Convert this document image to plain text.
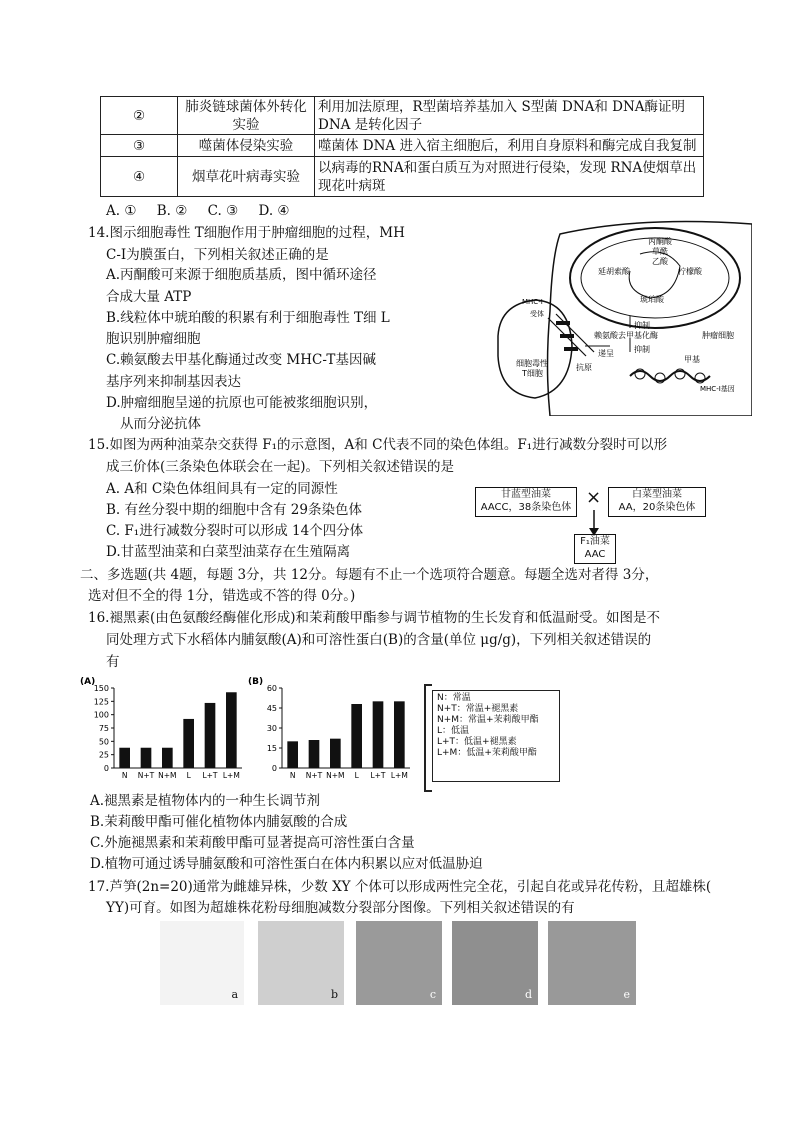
②	肺炎链球菌体外转化实验	利用加法原理，R型菌培养基加入 S型菌 DNA和 DNA酶证明 DNA 是转化因子
③	噬菌体侵染实验	噬菌体 DNA 进入宿主细胞后，利用自身原料和酶完成自我复制
④	烟草花叶病毒实验	以病毒的RNA和蛋白质互为对照进行侵染，发现 RNA使烟草出现花叶病斑
A. ① B. ② C. ③ D. ④
14.图示细胞毒性 T细胞作用于肿瘤细胞的过程，MH
C-I为膜蛋白，下列相关叙述正确的是
A.丙酮酸可来源于细胞质基质，图中循环途径
合成大量 ATP
B.线粒体中琥珀酸的积累有利于细胞毒性 T细 L
胞识别肿瘤细胞
C.赖氨酸去甲基化酶通过改变 MHC-T基因碱
基序列来抑制基因表达
D.肿瘤细胞呈递的抗原也可能被浆细胞识别，
从而分泌抗体
丙酮酸
草酰
乙酸
延胡索酸	柠檬酸
琥珀酸
MHC-I
受体
抑制
赖氨酸去甲基化酶	肿瘤细胞
抑制
抗原
细胞毒性
T细胞
甲基
MHC-I基因
递呈
15.如图为两种油菜杂交获得 F₁的示意图，A和 C代表不同的染色体组。F₁进行减数分裂时可以形
成三价体(三条染色体联会在一起)。下列相关叙述错误的是
A. A和 C染色体组间具有一定的同源性
B. 有丝分裂中期的细胞中含有 29条染色体
C. F₁进行减数分裂时可以形成 14个四分体
D.甘蓝型油菜和白菜型油菜存在生殖隔离
甘蓝型油菜
AACC，38条染色体 ×	白菜型油菜
AA，20条染色体
F₁油菜
AAC
二、多选题(共 4题，每题 3分，共 12分。每题有不止一个选项符合题意。每题全选对者得 3分，
选对但不全的得 1分，错选或不答的得 0分。)
16.褪黑素(由色氨酸经酶催化形成)和茉莉酸甲酯参与调节植物的生长发育和低温耐受。如图是不
同处理方式下水稻体内脯氨酸(A)和可溶性蛋白(B)的含量(单位 μg/g)，下列相关叙述错误的
有
(A)
0
25
50
75
100
125
150
N N+T N+M L L+T L+M
(B)
0
15
30
45
60
N N+T N+M L L+T L+M
N：常温
N+T：常温+褪黑素
N+M：常温+茉莉酸甲酯
L：低温
L+T：低温+褪黑素
L+M：低温+茉莉酸甲酯
A.褪黑素是植物体内的一种生长调节剂
B.茉莉酸甲酯可催化植物体内脯氨酸的合成
C.外施褪黑素和茉莉酸甲酯可显著提高可溶性蛋白含量
D.植物可通过诱导脯氨酸和可溶性蛋白在体内积累以应对低温胁迫
17.芦笋(2n=20)通常为雌雄异株，少数 XY 个体可以形成两性完全花，引起自花或异花传粉，且超雄株(
YY)可育。如图为超雄株花粉母细胞减数分裂部分图像。下列相关叙述错误的有
a	b	c	d	e
